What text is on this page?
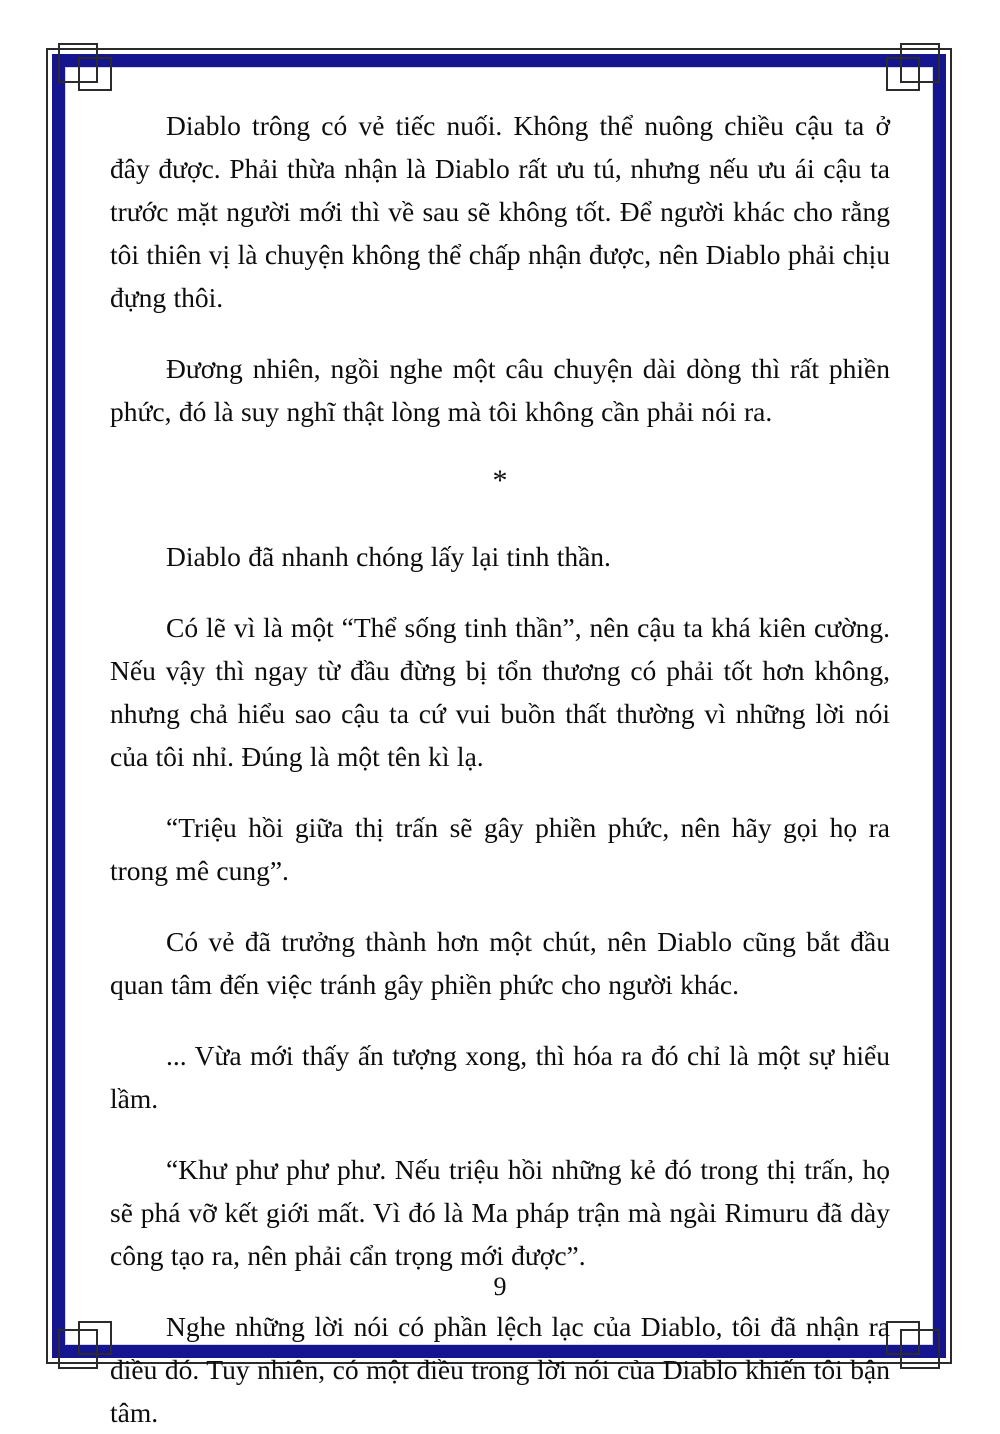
Diablo trông có vẻ tiếc nuối. Không thể nuông chiều cậu ta ở đây được. Phải thừa nhận là Diablo rất ưu tú, nhưng nếu ưu ái cậu ta trước mặt người mới thì về sau sẽ không tốt. Để người khác cho rằng tôi thiên vị là chuyện không thể chấp nhận được, nên Diablo phải chịu đựng thôi.

Đương nhiên, ngồi nghe một câu chuyện dài dòng thì rất phiền phức, đó là suy nghĩ thật lòng mà tôi không cần phải nói ra.

*

Diablo đã nhanh chóng lấy lại tinh thần.

Có lẽ vì là một “Thể sống tinh thần”, nên cậu ta khá kiên cường. Nếu vậy thì ngay từ đầu đừng bị tổn thương có phải tốt hơn không, nhưng chả hiểu sao cậu ta cứ vui buồn thất thường vì những lời nói của tôi nhỉ. Đúng là một tên kì lạ.

“Triệu hồi giữa thị trấn sẽ gây phiền phức, nên hãy gọi họ ra trong mê cung”.

Có vẻ đã trưởng thành hơn một chút, nên Diablo cũng bắt đầu quan tâm đến việc tránh gây phiền phức cho người khác.

... Vừa mới thấy ấn tượng xong, thì hóa ra đó chỉ là một sự hiểu lầm.

“Khư phư phư phư. Nếu triệu hồi những kẻ đó trong thị trấn, họ sẽ phá vỡ kết giới mất. Vì đó là Ma pháp trận mà ngài Rimuru đã dày công tạo ra, nên phải cẩn trọng mới được”.

Nghe những lời nói có phần lệch lạc của Diablo, tôi đã nhận ra điều đó. Tuy nhiên, có một điều trong lời nói của Diablo khiến tôi bận tâm.

9
